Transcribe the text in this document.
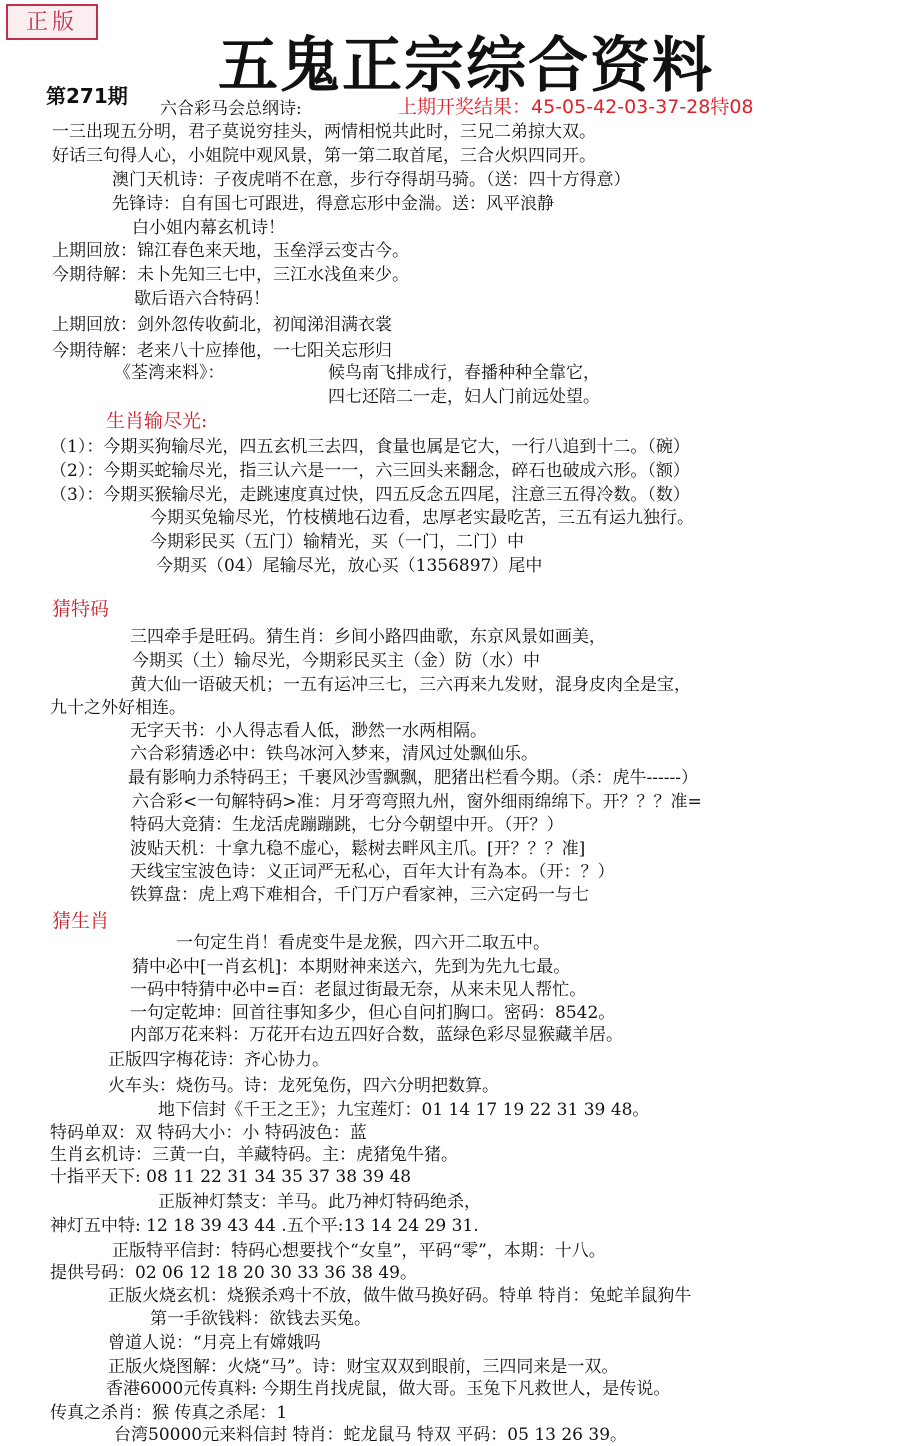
正版
五鬼正宗综合资料
第271期	上期开奖结果：45-05-42-03-37-28特08
六合彩马会总纲诗:
一三出现五分明，君子莫说穷挂头，两情相悦共此时，三兄二弟掠大双。
好话三句得人心，小姐院中观风景，第一第二取首尾，三合火炽四同开。
澳门天机诗：子夜虎哨不在意，步行夺得胡马骑。（送：四十方得意）
先锋诗：自有国七可跟进，得意忘形中金湍。送：风平浪静
白小姐内幕玄机诗！
上期回放：锦江春色来天地，玉垒浮云变古今。
今期待解：未卜先知三七中，三江水浅鱼来少。
歇后语六合特码！
上期回放：剑外忽传收蓟北，初闻涕泪满衣裳
今期待解：老来八十应捧他，一七阳关忘形归
《荃湾来料》：	候鸟南飞排成行，春播种种全靠它，
四七还陪二一走，妇人门前远处望。
生肖输尽光:
（1）：今期买狗输尽光，四五玄机三去四，食量也属是它大，一行八追到十二。（碗）
（2）：今期买蛇输尽光，指三认六是一一，六三回头来翻念，碎石也破成六形。（额）
（3）：今期买猴输尽光，走跳速度真过快，四五反念五四尾，注意三五得冷数。（数）
今期买兔输尽光，竹枝横地石边看，忠厚老实最吃苦，三五有运九独行。
今期彩民买（五门）输精光，买（一门，二门）中
今期买（04）尾输尽光，放心买（1356897）尾中
猜特码
三四牵手是旺码。猜生肖：乡间小路四曲歌，东京风景如画美，
今期买（土）输尽光，今期彩民买主（金）防（水）中
黄大仙一语破天机；一五有运冲三七，三六再来九发财，混身皮肉全是宝，
九十之外好相连。
无字天书：小人得志看人低，渺然一水两相隔。
六合彩猜透必中：铁鸟冰河入梦来，清风过处飘仙乐。
最有影响力杀特码王；千裹风沙雪飘飘，肥猪出栏看今期。（杀：虎牛------）
六合彩<一句解特码>准：月牙弯弯照九州，窗外细雨绵绵下。开？？？准=
特码大竞猜：生龙活虎蹦蹦跳，七分今朝望中开。（开？）
波贴天机：十拿九稳不虚心，鬆树去畔风主爪。[开？？？准]
天线宝宝波色诗：义正词严无私心，百年大计有為本。（开：？）
铁算盘：虎上鸡下难相合，千门万户看家神，三六定码一与七
猜生肖
一句定生肖！看虎变牛是龙猴，四六开二取五中。
猜中必中[一肖玄机]：本期财神来送六，先到为先九七最。
一码中特猜中必中=百：老鼠过街最无奈，从来未见人帮忙。
一句定乾坤：回首往事知多少，但心自问扪胸口。密码：8542。
内部万花来料：万花开右边五四好合数，蓝绿色彩尽显猴藏羊居。
正版四字梅花诗：齐心协力。
火车头：烧伤马。诗：龙死兔伤，四六分明把数算。
地下信封《千王之王》；九宝莲灯：01 14 17 19 22 31 39 48。
特码单双：双 特码大小：小 特码波色：蓝
生肖玄机诗：三黄一白，羊藏特码。主：虎猪兔牛猪。
十指平天下: 08 11 22 31 34 35 37 38 39 48
正版神灯禁支：羊马。此乃神灯特码绝杀，
神灯五中特: 12 18 39 43 44 .五个平:13 14 24 29 31.
正版特平信封：特码心想要找个“女皇”，平码“零”，本期：十八。
提供号码：02 06 12 18 20 30 33 36 38 49。
正版火烧玄机：烧猴杀鸡十不放，做牛做马换好码。特单 特肖：兔蛇羊鼠狗牛
第一手欲钱料：欲钱去买兔。
曾道人说：“月亮上有嫦娥吗
正版火烧图解：火烧“马”。诗：财宝双双到眼前，三四同来是一双。
香港6000元传真料: 今期生肖找虎鼠，做大哥。玉兔下凡救世人，是传说。
传真之杀肖：猴 传真之杀尾：1
台湾50000元来料信封 特肖：蛇龙鼠马 特双 平码：05 13 26 39。
